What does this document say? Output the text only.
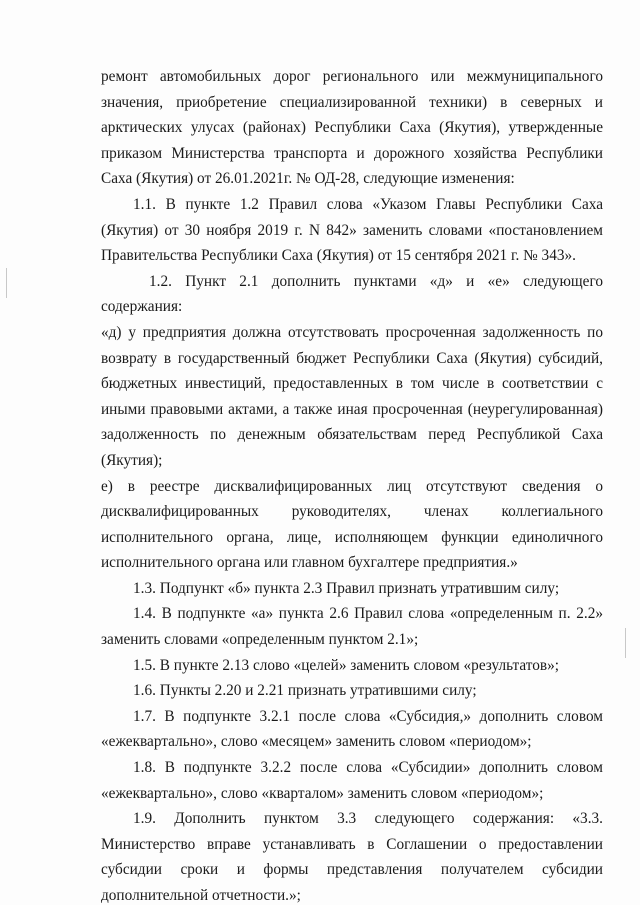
ремонт автомобильных дорог регионального или межмуниципального значения, приобретение специализированной техники) в северных и арктических улусах (районах) Республики Саха (Якутия), утвержденные приказом Министерства транспорта и дорожного хозяйства Республики Саха (Якутия) от 26.01.2021г. № ОД-28, следующие изменения:

1.1. В пункте 1.2 Правил слова «Указом Главы Республики Саха (Якутия) от 30 ноября 2019 г. N 842» заменить словами «постановлением Правительства Республики Саха (Якутия) от 15 сентября 2021 г. № 343».

1.2. Пункт 2.1 дополнить пунктами «д» и «е» следующего содержания:

«д) у предприятия должна отсутствовать просроченная задолженность по возврату в государственный бюджет Республики Саха (Якутия) субсидий, бюджетных инвестиций, предоставленных в том числе в соответствии с иными правовыми актами, а также иная просроченная (неурегулированная) задолженность по денежным обязательствам перед Республикой Саха (Якутия);

е) в реестре дисквалифицированных лиц отсутствуют сведения о дисквалифицированных руководителях, членах коллегиального исполнительного органа, лице, исполняющем функции единоличного исполнительного органа или главном бухгалтере предприятия.»

1.3. Подпункт «б» пункта 2.3 Правил признать утратившим силу;

1.4. В подпункте «а» пункта 2.6 Правил слова «определенным п. 2.2» заменить словами «определенным пунктом 2.1»;

1.5. В пункте 2.13 слово «целей» заменить словом «результатов»;

1.6. Пункты 2.20 и 2.21 признать утратившими силу;

1.7. В подпункте 3.2.1 после слова «Субсидия,» дополнить словом «ежеквартально», слово «месяцем» заменить словом «периодом»;

1.8. В подпункте 3.2.2 после слова «Субсидии» дополнить словом «ежеквартально», слово «кварталом» заменить словом «периодом»;

1.9. Дополнить пунктом 3.3 следующего содержания: «3.3. Министерство вправе устанавливать в Соглашении о предоставлении субсидии сроки и формы представления получателем субсидии дополнительной отчетности.»;
